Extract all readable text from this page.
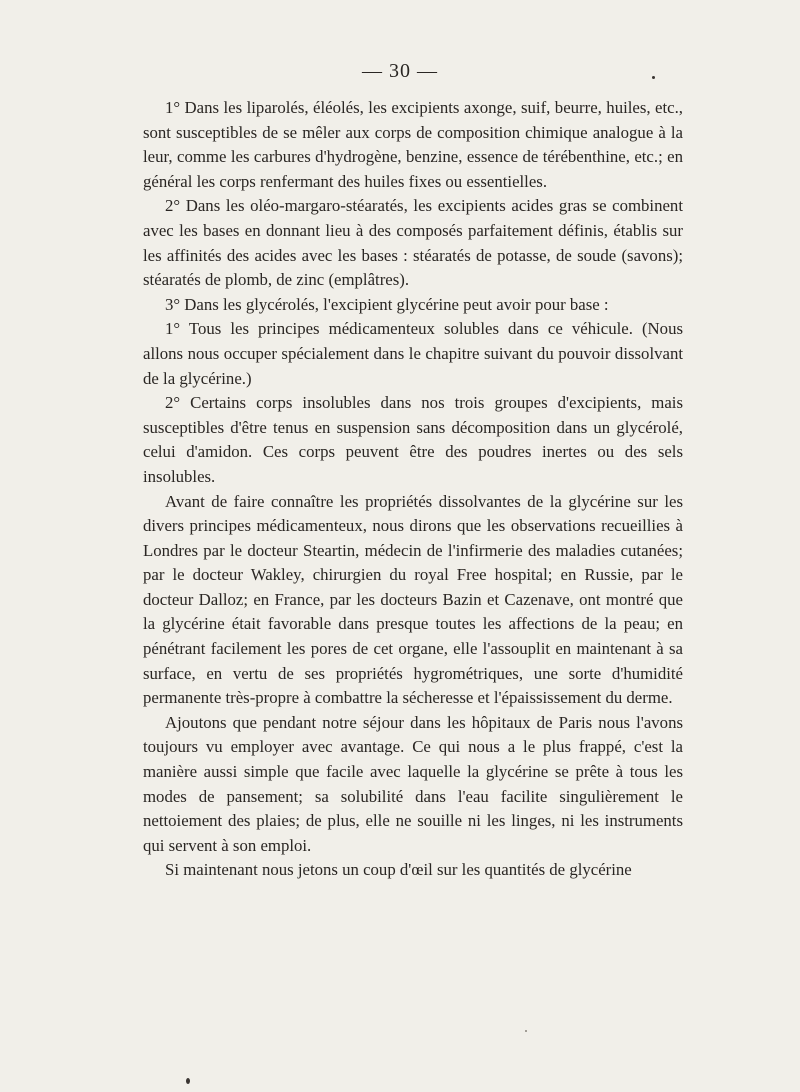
— 30 —

1° Dans les liparolés, éléolés, les excipients axonge, suif, beurre, huiles, etc., sont susceptibles de se mêler aux corps de composition chimique analogue à la leur, comme les carbures d'hydrogène, benzine, essence de térébenthine, etc.; en général les corps renfermant des huiles fixes ou essentielles.

2° Dans les oléo-margaro-stéaratés, les excipients acides gras se combinent avec les bases en donnant lieu à des composés parfaitement définis, établis sur les affinités des acides avec les bases : stéaratés de potasse, de soude (savons); stéaratés de plomb, de zinc (emplâtres).

3° Dans les glycérolés, l'excipient glycérine peut avoir pour base :

1° Tous les principes médicamenteux solubles dans ce véhicule. (Nous allons nous occuper spécialement dans le chapitre suivant du pouvoir dissolvant de la glycérine.)

2° Certains corps insolubles dans nos trois groupes d'excipients, mais susceptibles d'être tenus en suspension sans décomposition dans un glycérolé, celui d'amidon. Ces corps peuvent être des poudres inertes ou des sels insolubles.

Avant de faire connaître les propriétés dissolvantes de la glycérine sur les divers principes médicamenteux, nous dirons que les observations recueillies à Londres par le docteur Steartin, médecin de l'infirmerie des maladies cutanées; par le docteur Wakley, chirurgien du royal Free hospital; en Russie, par le docteur Dalloz; en France, par les docteurs Bazin et Cazenave, ont montré que la glycérine était favorable dans presque toutes les affections de la peau; en pénétrant facilement les pores de cet organe, elle l'assouplit en maintenant à sa surface, en vertu de ses propriétés hygrométriques, une sorte d'humidité permanente très-propre à combattre la sécheresse et l'épaississement du derme.

Ajoutons que pendant notre séjour dans les hôpitaux de Paris nous l'avons toujours vu employer avec avantage. Ce qui nous a le plus frappé, c'est la manière aussi simple que facile avec laquelle la glycérine se prête à tous les modes de pansement; sa solubilité dans l'eau facilite singulièrement le nettoiement des plaies; de plus, elle ne souille ni les linges, ni les instruments qui servent à son emploi.

Si maintenant nous jetons un coup d'œil sur les quantités de glycérine
